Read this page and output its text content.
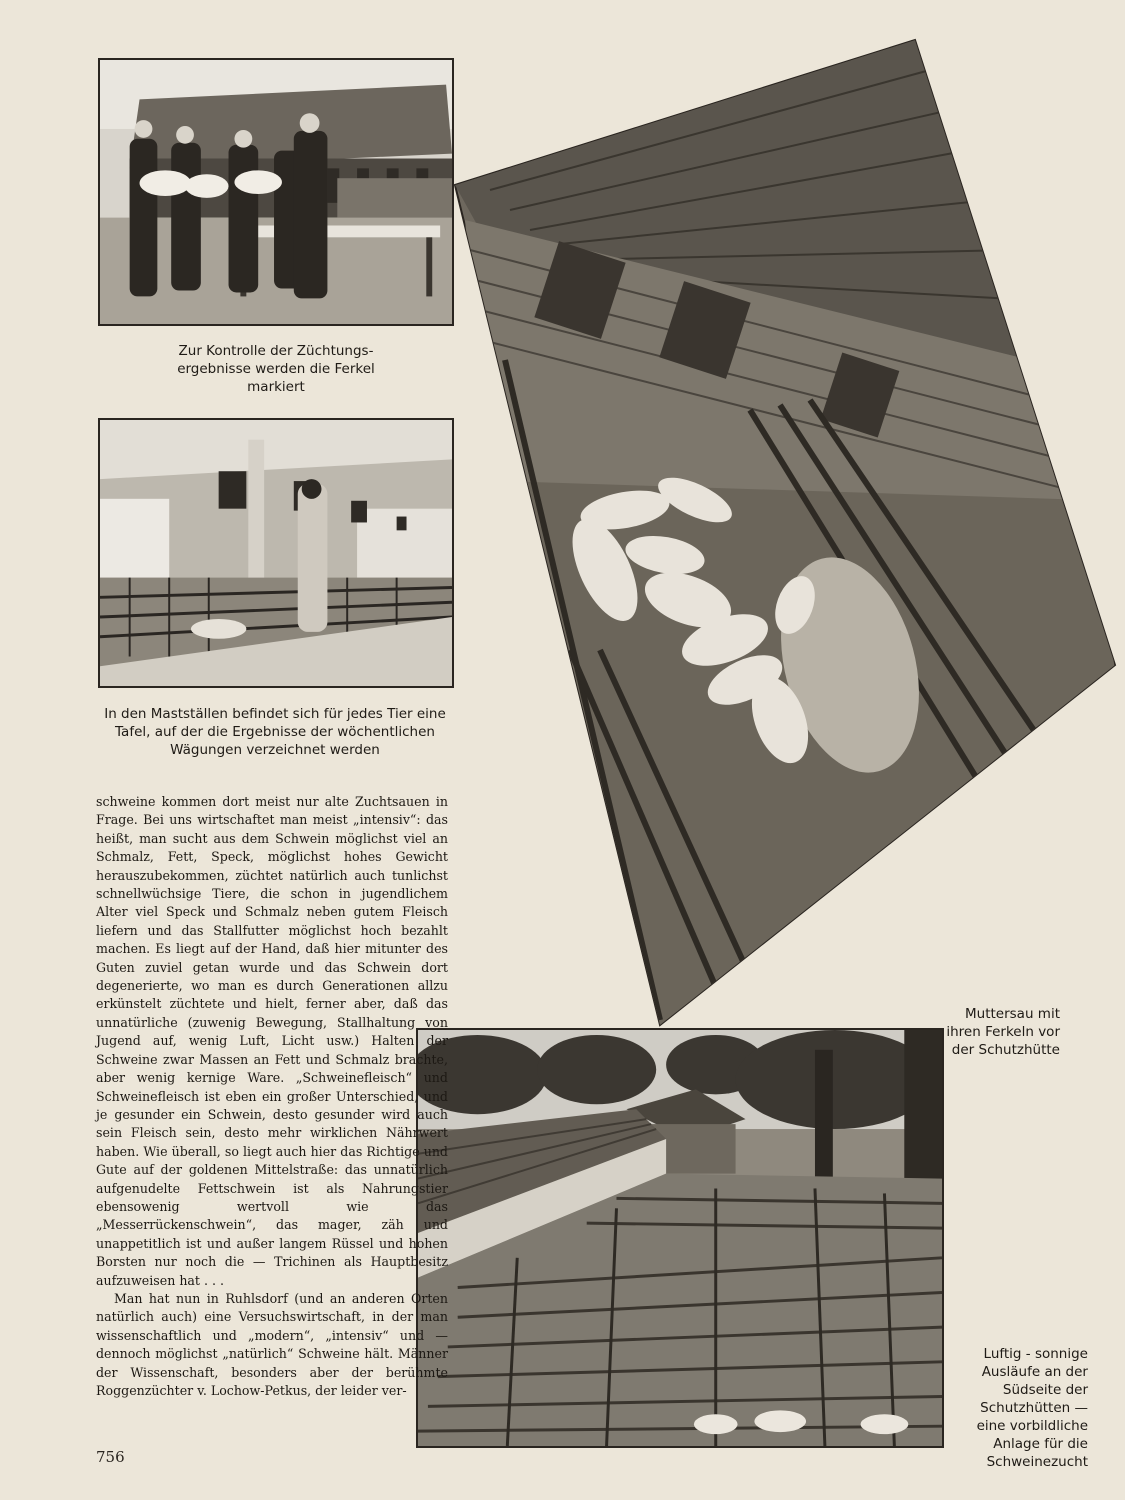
Zur Kontrolle der Züchtungs-
ergebnisse werden die Ferkel
markiert
In den Mastställen befindet sich für jedes Tier eine
Tafel, auf der die Ergebnisse der wöchentlichen
Wägungen verzeichnet werden
Muttersau mit
ihren Ferkeln vor
der Schutzhütte
Luftig - sonnige
Ausläufe an der
Südseite der
Schutzhütten —
eine vorbildliche
Anlage für die
Schweinezucht

schweine kommen dort meist nur alte Zuchtsauen in Frage. Bei uns wirtschaftet man meist „intensiv“: das heißt, man sucht aus dem Schwein möglichst viel an Schmalz, Fett, Speck, möglichst hohes Gewicht herauszubekommen, züchtet natürlich auch tunlichst schnellwüchsige Tiere, die schon in jugendlichem Alter viel Speck und Schmalz neben gutem Fleisch liefern und das Stallfutter möglichst hoch bezahlt machen. Es liegt auf der Hand, daß hier mitunter des Guten zuviel getan wurde und das Schwein dort degenerierte, wo man es durch Generationen allzu erkünstelt züchtete und hielt, ferner aber, daß das unnatürliche (zuwenig Bewegung, Stallhaltung von Jugend auf, wenig Luft, Licht usw.) Halten der Schweine zwar Massen an Fett und Schmalz brachte, aber wenig kernige Ware. „Schweinefleisch“ und Schweinefleisch ist eben ein großer Unterschied, und je gesunder ein Schwein, desto gesunder wird auch sein Fleisch sein, desto mehr wirklichen Nährwert haben. Wie überall, so liegt auch hier das Richtige und Gute auf der goldenen Mittelstraße: das unnatürlich aufgenudelte Fettschwein ist als Nahrungstier ebensowenig wertvoll wie das „Messerrückenschwein“, das mager, zäh und unappetitlich ist und außer langem Rüssel und hohen Borsten nur noch die — Trichinen als Hauptbesitz aufzuweisen hat . . .

Man hat nun in Ruhlsdorf (und an anderen Orten natürlich auch) eine Versuchswirtschaft, in der man wissenschaftlich und „modern“, „intensiv“ und — dennoch möglichst „natürlich“ Schweine hält. Männer der Wissenschaft, besonders aber der berühmte Roggenzüchter v. Lochow-Petkus, der leider ver-

756
